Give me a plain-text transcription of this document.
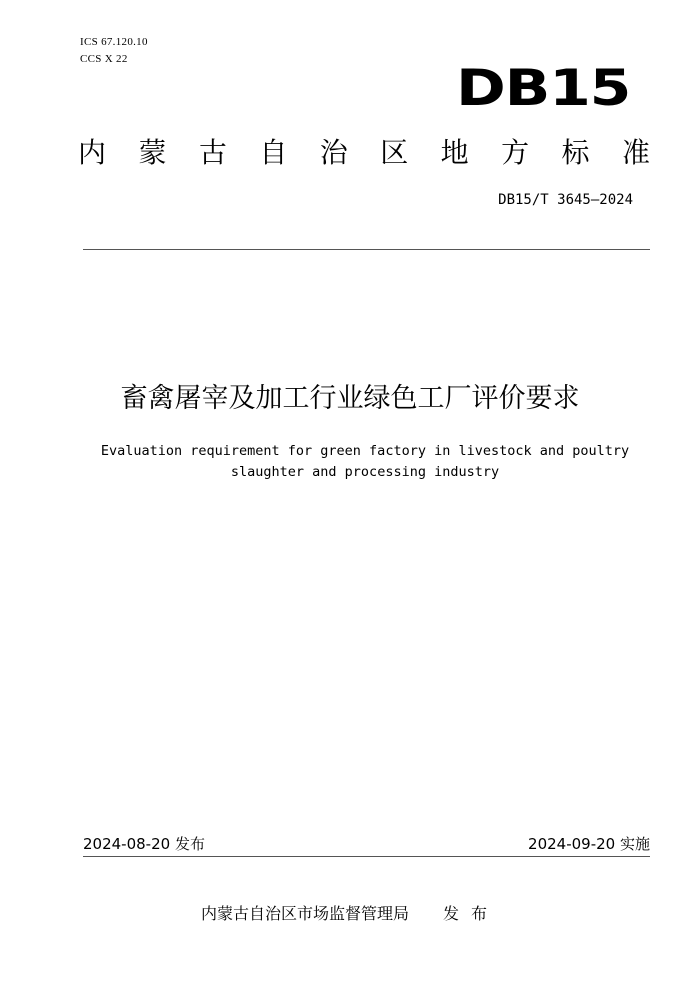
ICS 67.120.10
CCS X 22	DB15
内 蒙 古 自 治 区 地 方 标 准
DB15/T 3645—2024
畜禽屠宰及加工行业绿色工厂评价要求
Evaluation requirement for green factory in livestock and poultry
slaughter and processing industry
2024-08-20 发布	2024-09-20 实施
内蒙古自治区市场监督管理局 发布
